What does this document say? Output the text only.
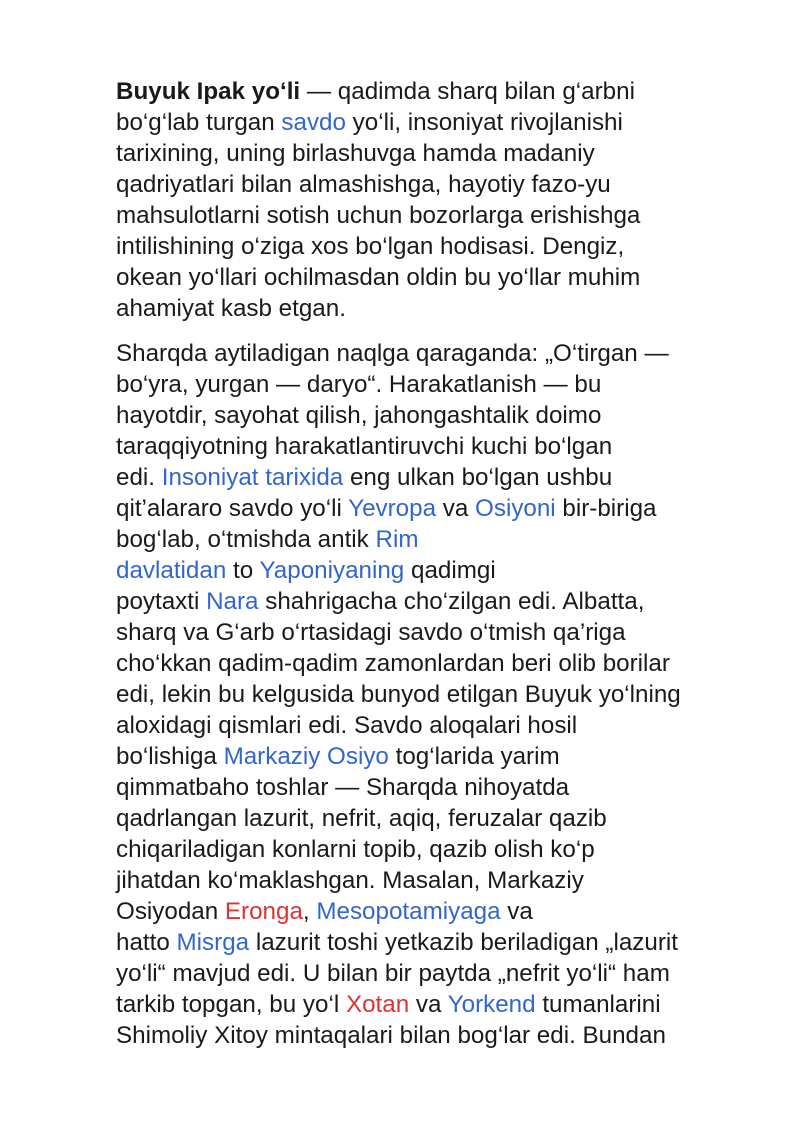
Buyuk Ipak yo‘li — qadimda sharq bilan g‘arbni
bo‘g‘lab turgan savdo yo‘li, insoniyat rivojlanishi
tarixining, uning birlashuvga hamda madaniy
qadriyatlari bilan almashishga, hayotiy fazo-yu
mahsulotlarni sotish uchun bozorlarga erishishga
intilishining o‘ziga xos bo‘lgan hodisasi. Dengiz,
okean yo‘llari ochilmasdan oldin bu yo‘llar muhim
ahamiyat kasb etgan.

Sharqda aytiladigan naqlga qaraganda: „O‘tirgan —
bo‘yra, yurgan — daryo“. Harakatlanish — bu
hayotdir, sayohat qilish, jahongashtalik doimo
taraqqiyotning harakatlantiruvchi kuchi bo‘lgan
edi. Insoniyat tarixida eng ulkan bo‘lgan ushbu
qit’alararo savdo yo‘li Yevropa va Osiyoni bir-biriga
bog‘lab, o‘tmishda antik Rim
davlatidan to Yaponiyaning qadimgi
poytaxti Nara shahrigacha cho‘zilgan edi. Albatta,
sharq va G‘arb o‘rtasidagi savdo o‘tmish qa’riga
cho‘kkan qadim-qadim zamonlardan beri olib borilar
edi, lekin bu kelgusida bunyod etilgan Buyuk yo‘lning
aloxidagi qismlari edi. Savdo aloqalari hosil
bo‘lishiga Markaziy Osiyo tog‘larida yarim
qimmatbaho toshlar — Sharqda nihoyatda
qadrlangan lazurit, nefrit, aqiq, feruzalar qazib
chiqariladigan konlarni topib, qazib olish ko‘p
jihatdan ko‘maklashgan. Masalan, Markaziy
Osiyodan Eronga, Mesopotamiyaga va
hatto Misrga lazurit toshi yetkazib beriladigan „lazurit
yo‘li“ mavjud edi. U bilan bir paytda „nefrit yo‘li“ ham
tarkib topgan, bu yo‘l Xotan va Yorkend tumanlarini
Shimoliy Xitoy mintaqalari bilan bog‘lar edi. Bundan
